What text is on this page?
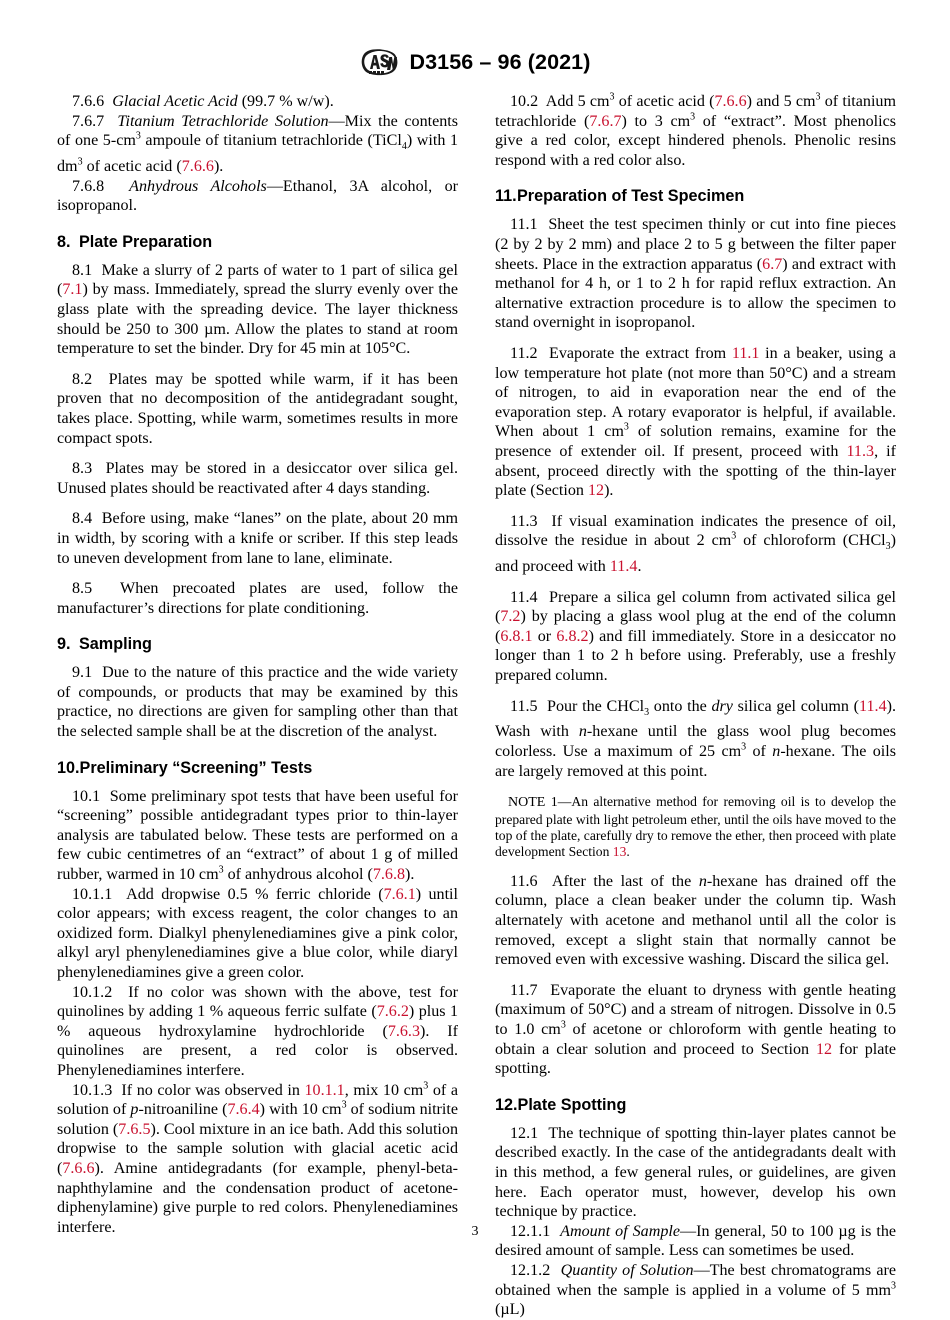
D3156 – 96 (2021)

7.6.6 Glacial Acetic Acid (99.7 % w/w).

7.6.7 Titanium Tetrachloride Solution—Mix the contents of one $5-cm^3$ ampoule of titanium tetrachloride (TiCl$_4$) with 1 $dm^3$ of acetic acid (7.6.6).

7.6.8 Anhydrous Alcohols—Ethanol, 3A alcohol, or isopropanol.

8. Plate Preparation

8.1 Make a slurry of 2 parts of water to 1 part of silica gel (7.1) by mass. Immediately, spread the slurry evenly over the glass plate with the spreading device. The layer thickness should be 250 to 300 µm. Allow the plates to stand at room temperature to set the binder. Dry for 45 min at 105°C.

8.2 Plates may be spotted while warm, if it has been proven that no decomposition of the antidegradant sought, takes place. Spotting, while warm, sometimes results in more compact spots.

8.3 Plates may be stored in a desiccator over silica gel. Unused plates should be reactivated after 4 days standing.

8.4 Before using, make “lanes” on the plate, about 20 mm in width, by scoring with a knife or scriber. If this step leads to uneven development from lane to lane, eliminate.

8.5 When precoated plates are used, follow the manufacturer’s directions for plate conditioning.

9. Sampling

9.1 Due to the nature of this practice and the wide variety of compounds, or products that may be examined by this practice, no directions are given for sampling other than that the selected sample shall be at the discretion of the analyst.

10.Preliminary “Screening” Tests

10.1 Some preliminary spot tests that have been useful for “screening” possible antidegradant types prior to thin-layer analysis are tabulated below. These tests are performed on a few cubic centimetres of an “extract” of about 1 g of milled rubber, warmed in 10 $cm^3$ of anhydrous alcohol (7.6.8).

10.1.1 Add dropwise 0.5 % ferric chloride (7.6.1) until color appears; with excess reagent, the color changes to an oxidized form. Dialkyl phenylenediamines give a pink color, alkyl aryl phenylenediamines give a blue color, while diaryl phenylenediamines give a green color.

10.1.2 If no color was shown with the above, test for quinolines by adding 1 % aqueous ferric sulfate (7.6.2) plus 1 % aqueous hydroxylamine hydrochloride (7.6.3). If quinolines are present, a red color is observed. Phenylenediamines interfere.

10.1.3 If no color was observed in 10.1.1, mix 10 $cm^3$ of a solution of p-nitroaniline (7.6.4) with 10 $cm^3$ of sodium nitrite solution (7.6.5). Cool mixture in an ice bath. Add this solution dropwise to the sample solution with glacial acetic acid (7.6.6). Amine antidegradants (for example, phenyl-beta-naphthylamine and the condensation product of acetone-diphenylamine) give purple to red colors. Phenylenediamines interfere.

10.2 Add 5 $cm^3$ of acetic acid (7.6.6) and 5 $cm^3$ of titanium tetrachloride (7.6.7) to 3 $cm^3$ of “extract”. Most phenolics give a red color, except hindered phenols. Phenolic resins respond with a red color also.

11.Preparation of Test Specimen

11.1 Sheet the test specimen thinly or cut into fine pieces (2 by 2 by 2 mm) and place 2 to 5 g between the filter paper sheets. Place in the extraction apparatus (6.7) and extract with methanol for 4 h, or 1 to 2 h for rapid reflux extraction. An alternative extraction procedure is to allow the specimen to stand overnight in isopropanol.

11.2 Evaporate the extract from 11.1 in a beaker, using a low temperature hot plate (not more than 50°C) and a stream of nitrogen, to aid in evaporation near the end of the evaporation step. A rotary evaporator is helpful, if available. When about 1 $cm^3$ of solution remains, examine for the presence of extender oil. If present, proceed with 11.3, if absent, proceed directly with the spotting of the thin-layer plate (Section 12).

11.3 If visual examination indicates the presence of oil, dissolve the residue in about 2 $cm^3$ of chloroform (CHCl$_3$) and proceed with 11.4.

11.4 Prepare a silica gel column from activated silica gel (7.2) by placing a glass wool plug at the end of the column (6.8.1 or 6.8.2) and fill immediately. Store in a desiccator no longer than 1 to 2 h before using. Preferably, use a freshly prepared column.

11.5 Pour the CHCl$_3$ onto the dry silica gel column (11.4). Wash with n-hexane until the glass wool plug becomes colorless. Use a maximum of 25 $cm^3$ of n-hexane. The oils are largely removed at this point.

NOTE 1—An alternative method for removing oil is to develop the prepared plate with light petroleum ether, until the oils have moved to the top of the plate, carefully dry to remove the ether, then proceed with plate development Section 13.

11.6 After the last of the n-hexane has drained off the column, place a clean beaker under the column tip. Wash alternately with acetone and methanol until all the color is removed, except a slight stain that normally cannot be removed even with excessive washing. Discard the silica gel.

11.7 Evaporate the eluant to dryness with gentle heating (maximum of 50°C) and a stream of nitrogen. Dissolve in 0.5 to 1.0 $cm^3$ of acetone or chloroform with gentle heating to obtain a clear solution and proceed to Section 12 for plate spotting.

12.Plate Spotting

12.1 The technique of spotting thin-layer plates cannot be described exactly. In the case of the antidegradants dealt with in this method, a few general rules, or guidelines, are given here. Each operator must, however, develop his own technique by practice.

12.1.1 Amount of Sample—In general, 50 to 100 µg is the desired amount of sample. Less can sometimes be used.

12.1.2 Quantity of Solution—The best chromatograms are obtained when the sample is applied in a volume of 5 $mm^3$ (µL)

3
